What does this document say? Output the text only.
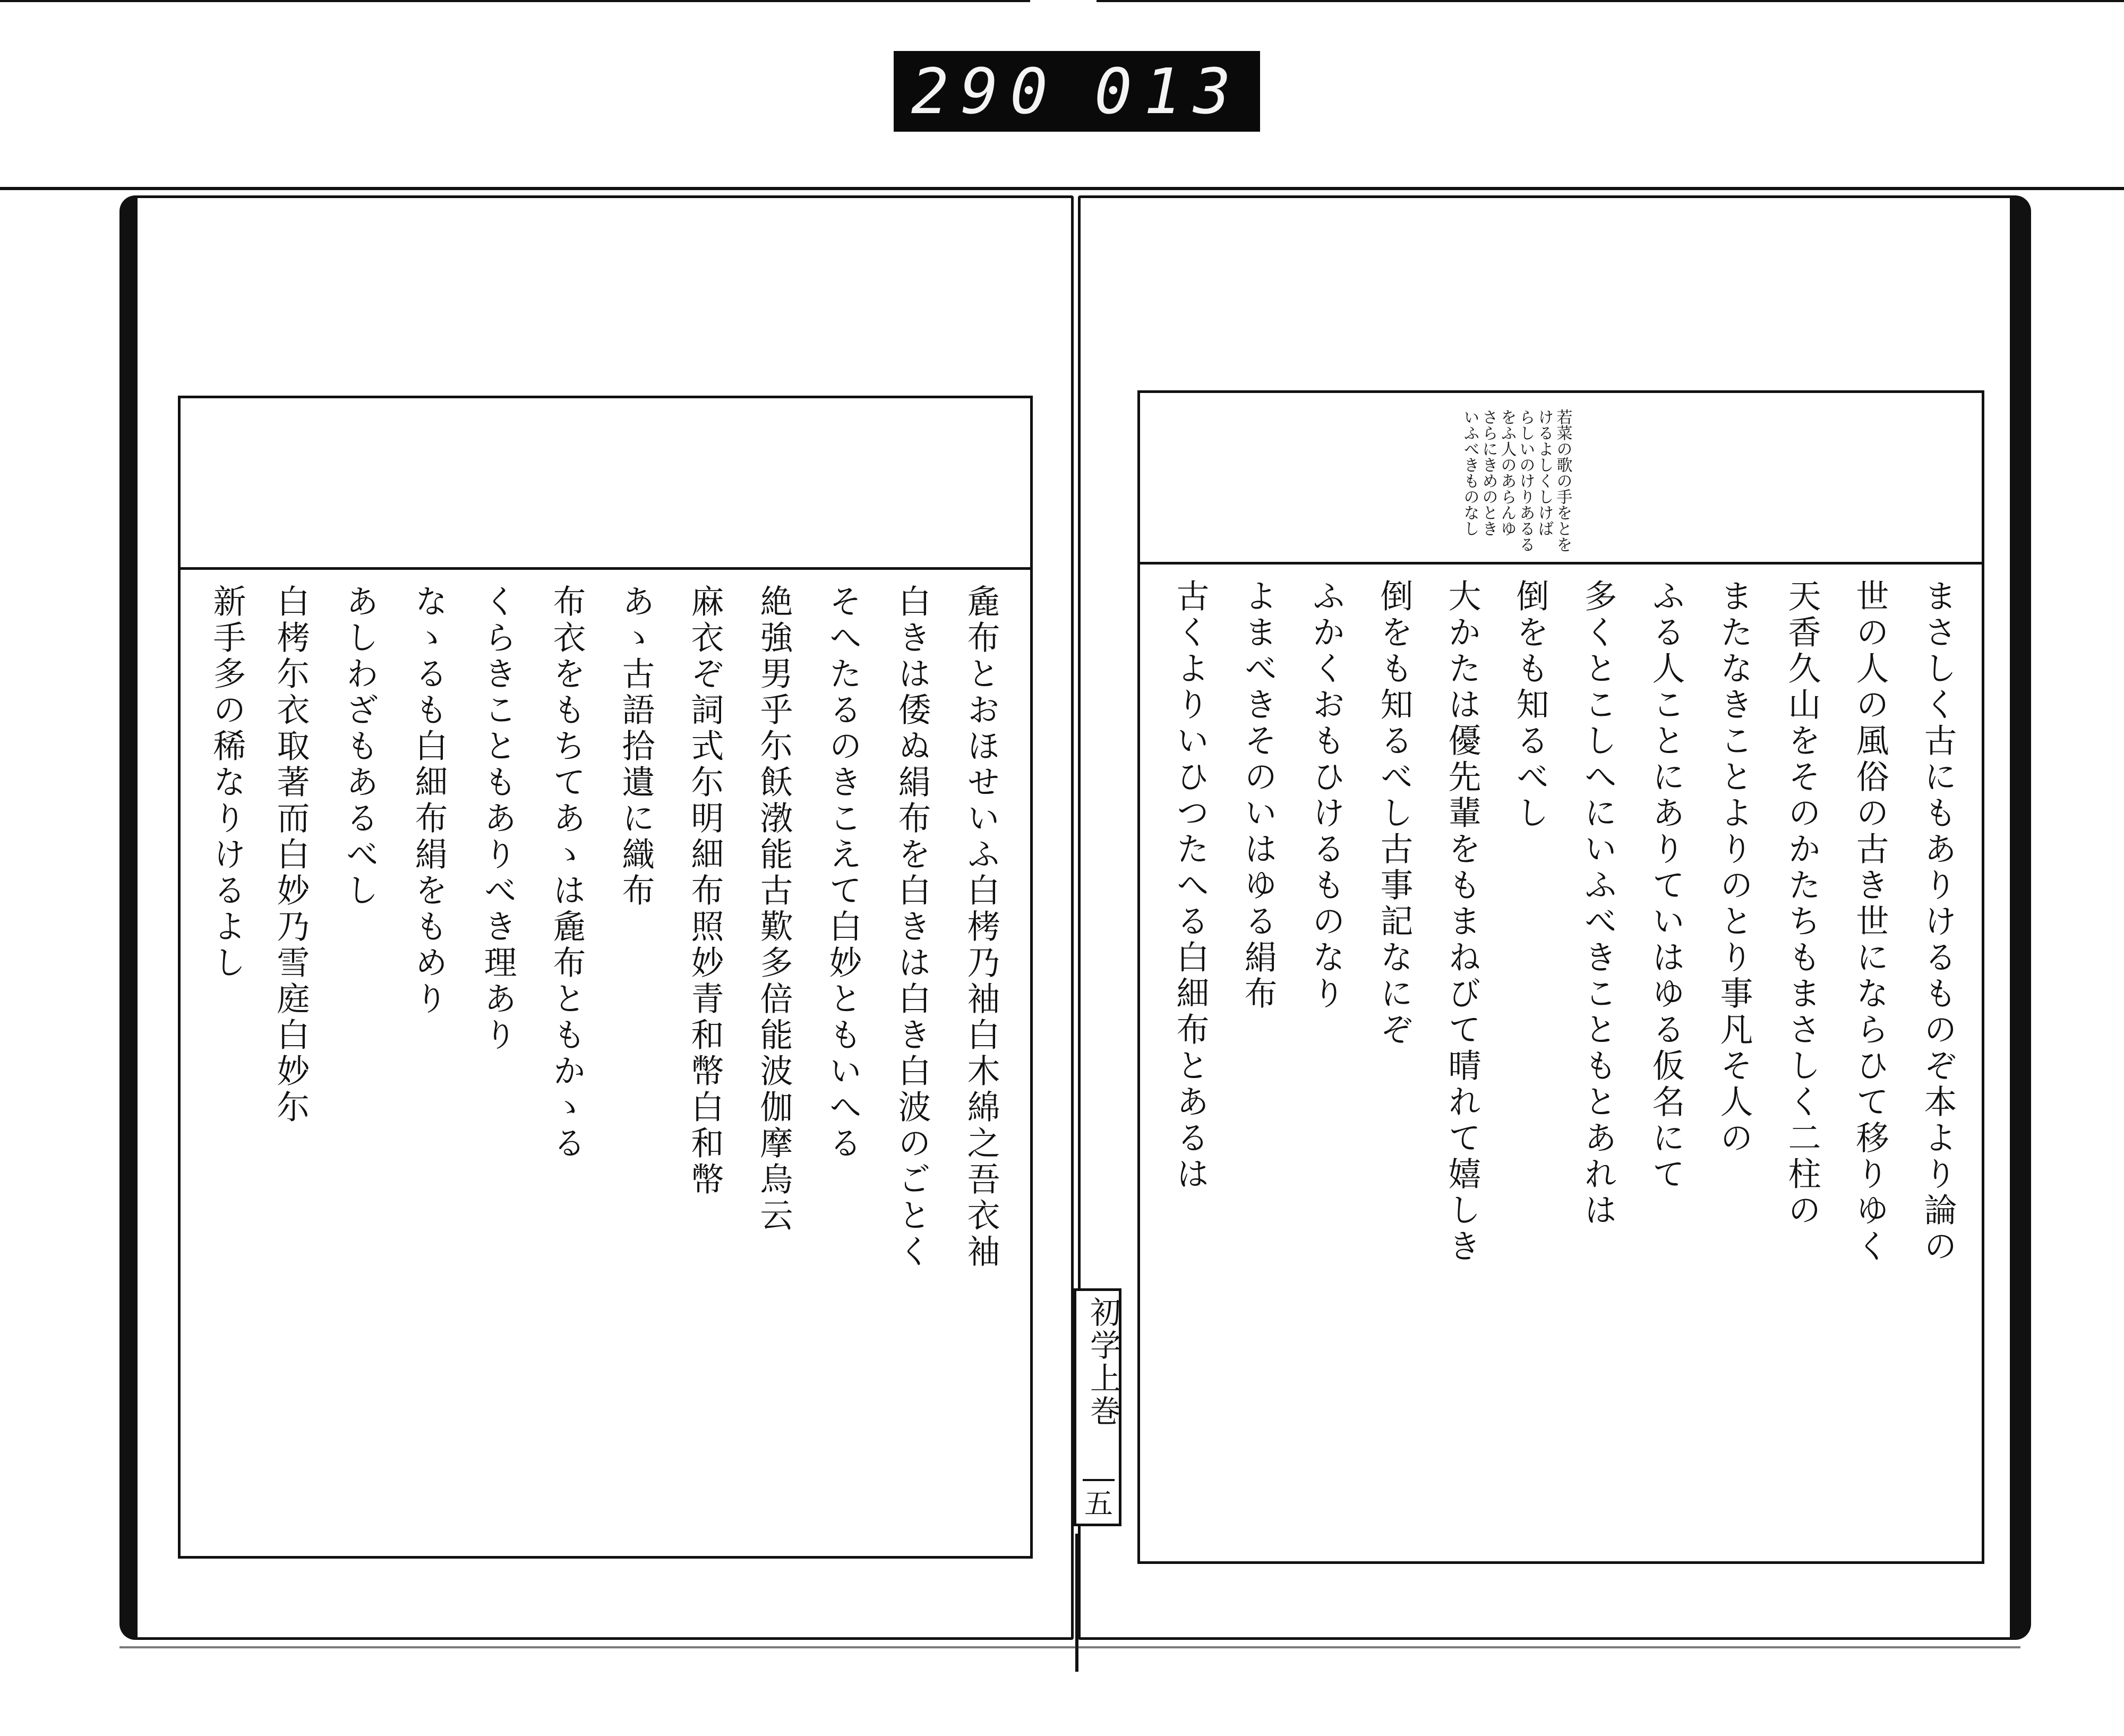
290 013
麁布とおほせいふ白栲乃袖白木綿之吾衣袖
白きは倭ぬ絹布を白きは白き白波のごとく
そへたるのきこえて白妙ともいへる
絶強男乎尓飫㴾能古歎多倍能波伽摩烏云
麻衣ぞ詞式尓明細布照妙青和幣白和幣
あゝ古語拾遺に織布
布衣をもちてあゝは麁布ともかゝる
くらきこともありべき理あり
なゝるも白細布絹をもめり
あしわざもあるべし
白栲尓衣取著而白妙乃雪庭白妙尓
新手多の稀なりけるよし
若菜の歌の手をとを
けるよしくしけば
らしいのけりあるる
をふ人のあらんゆ
さらにきめのとき
いふべきものなし
まさしく古にもありけるものぞ本より論の
世の人の風俗の古き世にならひて移りゆく
天香久山をそのかたちもまさしく二柱の
またなきことよりのとり事凡そ人の
ふる人ことにありていはゆる仮名にて
多くとこしへにいふべきこともとあれは
倒をも知るべし
大かたは優先輩をもまねびて晴れて嬉しき
倒をも知るべし古事記なにぞ
ふかくおもひけるものなり
よまべきそのいはゆる絹布
古くよりいひつたへる白細布とあるは
初学上巻
五
